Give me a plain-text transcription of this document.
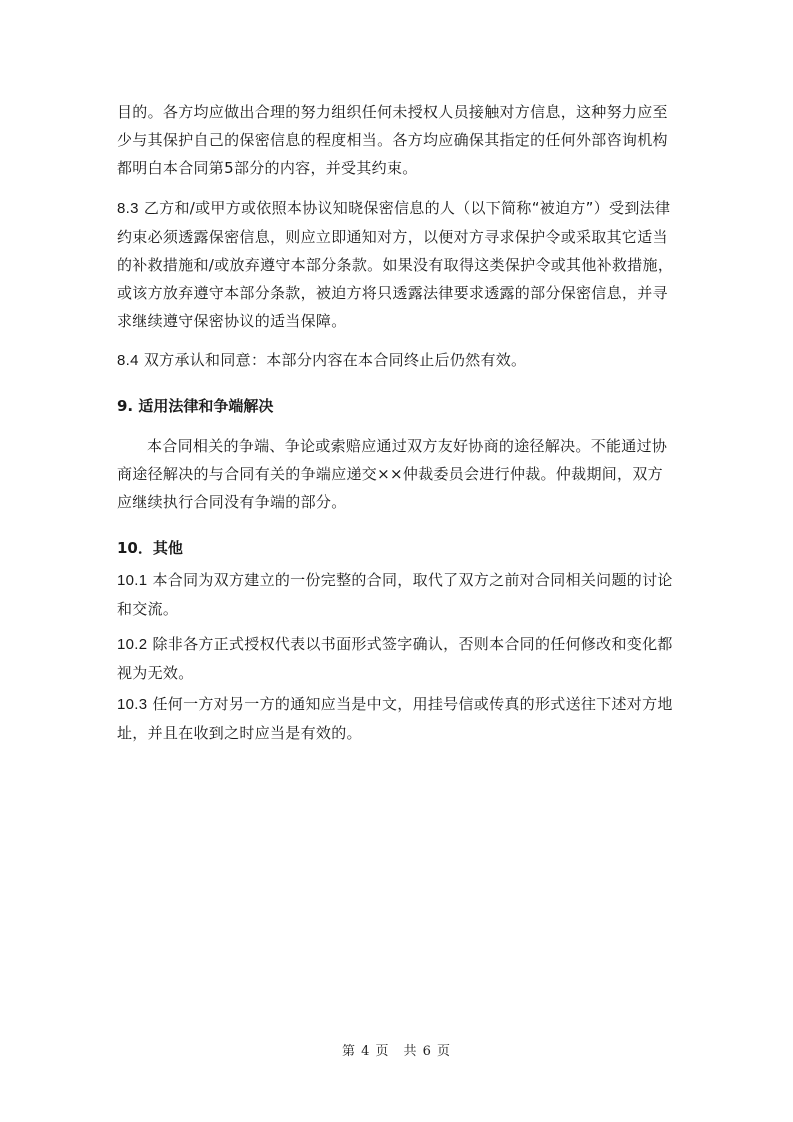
目的。各方均应做出合理的努力组织任何未授权人员接触对方信息，这种努力应至少与其保护自己的保密信息的程度相当。各方均应确保其指定的任何外部咨询机构都明白本合同第5部分的内容，并受其约束。

8.3 乙方和/或甲方或依照本协议知晓保密信息的人（以下简称“被迫方”）受到法律约束必须透露保密信息，则应立即通知对方，以便对方寻求保护令或采取其它适当的补救措施和/或放弃遵守本部分条款。如果没有取得这类保护令或其他补救措施，或该方放弃遵守本部分条款，被迫方将只透露法律要求透露的部分保密信息，并寻求继续遵守保密协议的适当保障。

8.4 双方承认和同意：本部分内容在本合同终止后仍然有效。

9. 适用法律和争端解决

本合同相关的争端、争论或索赔应通过双方友好协商的途径解决。不能通过协商途径解决的与合同有关的争端应递交××仲裁委员会进行仲裁。仲裁期间，双方应继续执行合同没有争端的部分。

10．其他

10.1 本合同为双方建立的一份完整的合同，取代了双方之前对合同相关问题的讨论和交流。

10.2 除非各方正式授权代表以书面形式签字确认，否则本合同的任何修改和变化都视为无效。

10.3 任何一方对另一方的通知应当是中文，用挂号信或传真的形式送往下述对方地址，并且在收到之时应当是有效的。

第 4 页　共 6 页
